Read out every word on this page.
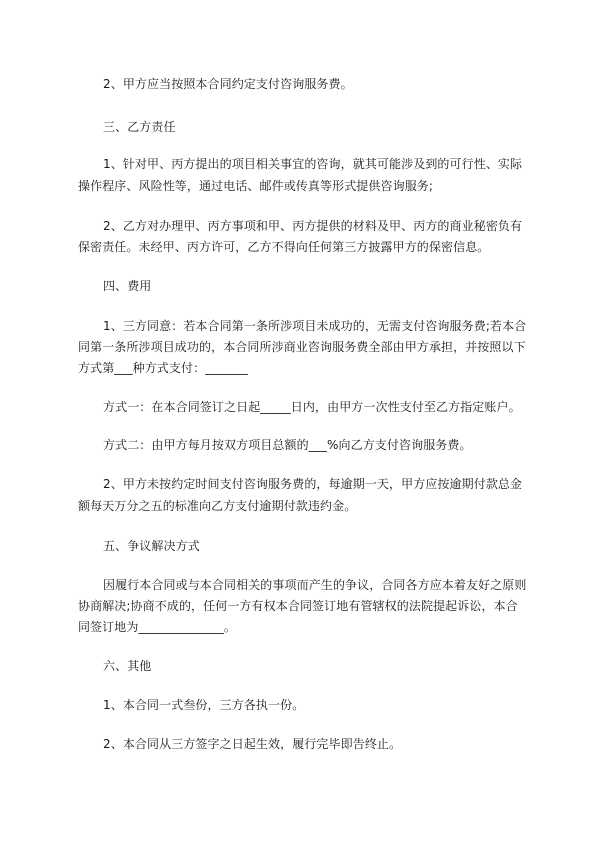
2、甲方应当按照本合同约定支付咨询服务费。
三、乙方责任
1、针对甲、丙方提出的项目相关事宜的咨询，就其可能涉及到的可行性、实际
操作程序、风险性等，通过电话、邮件或传真等形式提供咨询服务;
2、乙方对办理甲、丙方事项和甲、丙方提供的材料及甲、丙方的商业秘密负有
保密责任。未经甲、丙方许可，乙方不得向任何第三方披露甲方的保密信息。
四、费用
1、三方同意：若本合同第一条所涉项目未成功的，无需支付咨询服务费;若本合
同第一条所涉项目成功的，本合同所涉商业咨询服务费全部由甲方承担，并按照以下
方式第___种方式支付：_______
方式一：在本合同签订之日起_____日内，由甲方一次性支付至乙方指定账户。
方式二：由甲方每月按双方项目总额的___%向乙方支付咨询服务费。
2、甲方未按约定时间支付咨询服务费的，每逾期一天，甲方应按逾期付款总金
额每天万分之五的标准向乙方支付逾期付款违约金。
五、争议解决方式
因履行本合同或与本合同相关的事项而产生的争议，合同各方应本着友好之原则
协商解决;协商不成的，任何一方有权本合同签订地有管辖权的法院提起诉讼，本合
同签订地为______________。
六、其他
1、本合同一式叁份，三方各执一份。
2、本合同从三方签字之日起生效，履行完毕即告终止。
